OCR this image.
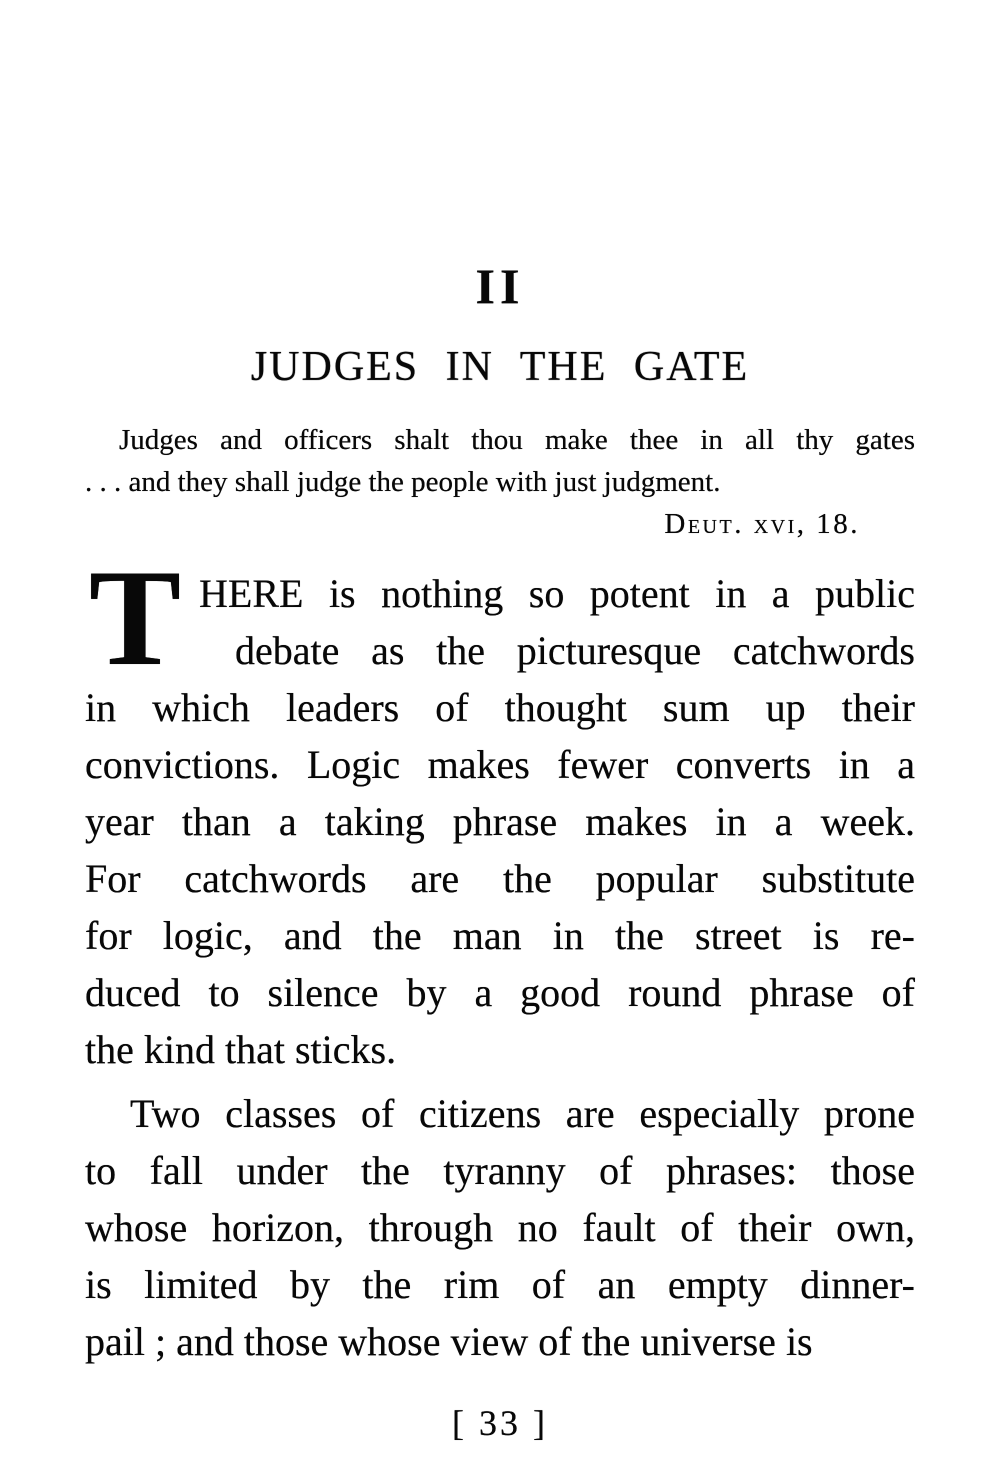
II
JUDGES IN THE GATE
Judges and officers shalt thou make thee in all thy gates
. . . and they shall judge the people with just judgment.
Deut. xvi, 18.
T HERE is nothing so potent in a public
debate as the picturesque catchwords
in which leaders of thought sum up their
convictions. Logic makes fewer converts in a
year than a taking phrase makes in a week.
For catchwords are the popular substitute
for logic, and the man in the street is re-
duced to silence by a good round phrase of
the kind that sticks.
Two classes of citizens are especially prone
to fall under the tyranny of phrases: those
whose horizon, through no fault of their own,
is limited by the rim of an empty dinner-
pail ; and those whose view of the universe is
[ 33 ]
